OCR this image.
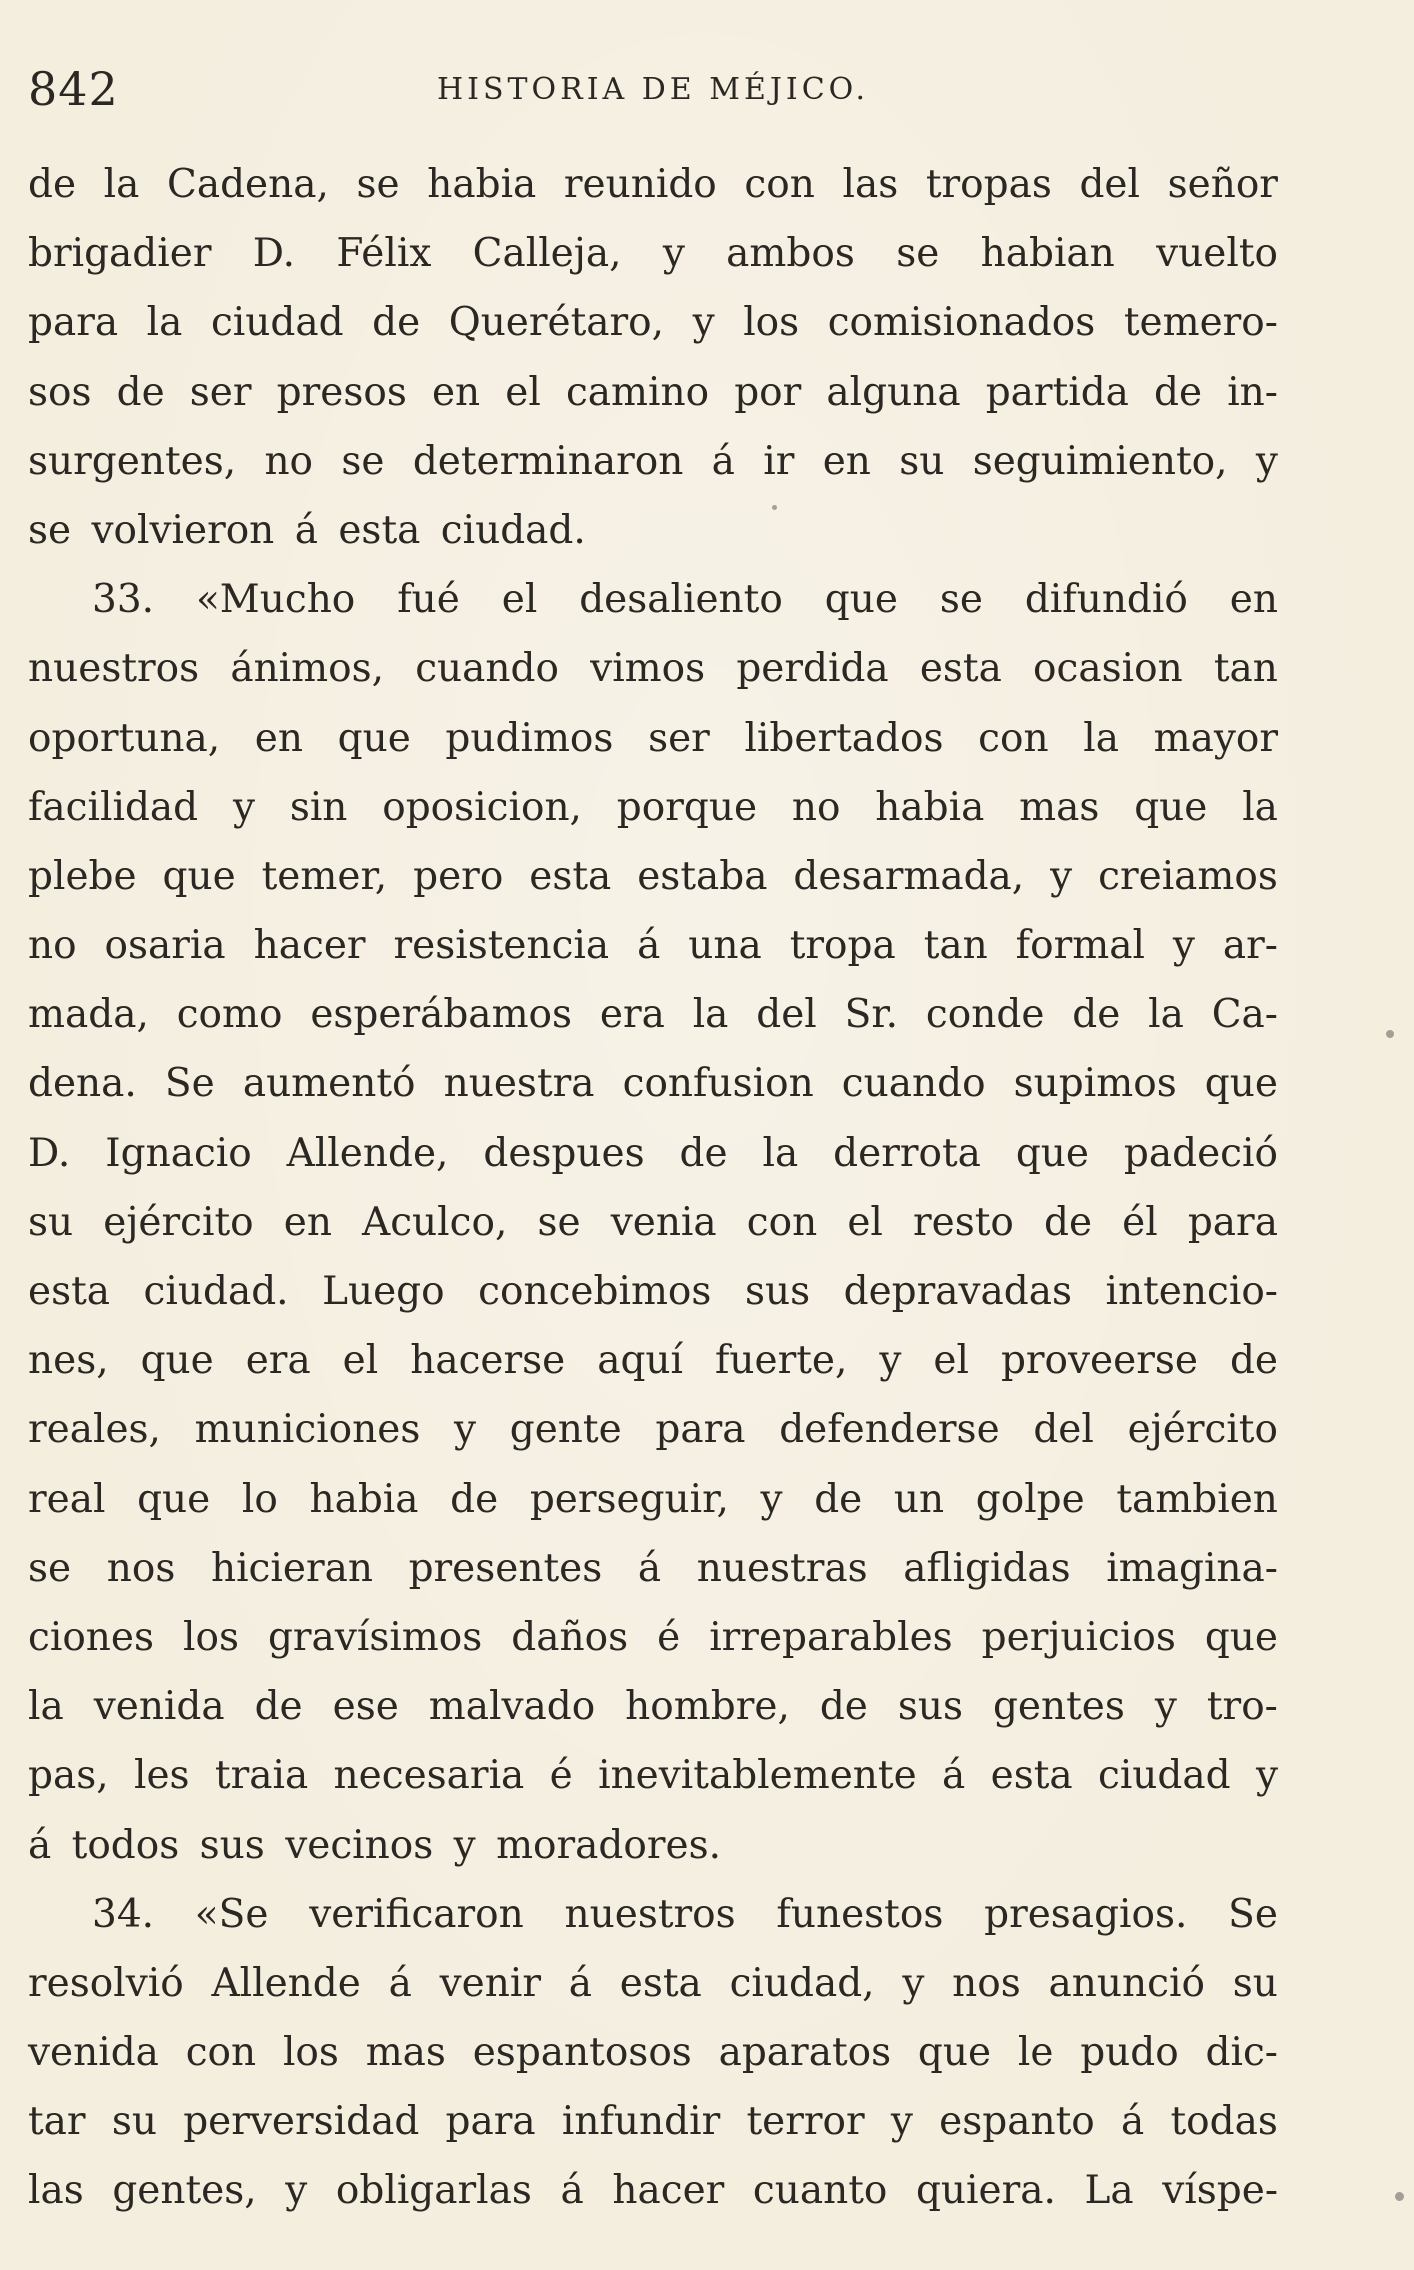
842	HISTORIA DE MÉJICO.
de la Cadena, se habia reunido con las tropas del señor
brigadier D. Félix Calleja, y ambos se habian vuelto
para la ciudad de Querétaro, y los comisionados temero-
sos de ser presos en el camino por alguna partida de in-
surgentes, no se determinaron á ir en su seguimiento, y
se volvieron á esta ciudad.
33. «Mucho fué el desaliento que se difundió en
nuestros ánimos, cuando vimos perdida esta ocasion tan
oportuna, en que pudimos ser libertados con la mayor
facilidad y sin oposicion, porque no habia mas que la
plebe que temer, pero esta estaba desarmada, y creiamos
no osaria hacer resistencia á una tropa tan formal y ar-
mada, como esperábamos era la del Sr. conde de la Ca-
dena. Se aumentó nuestra confusion cuando supimos que
D. Ignacio Allende, despues de la derrota que padeció
su ejército en Aculco, se venia con el resto de él para
esta ciudad. Luego concebimos sus depravadas intencio-
nes, que era el hacerse aquí fuerte, y el proveerse de
reales, municiones y gente para defenderse del ejército
real que lo habia de perseguir, y de un golpe tambien
se nos hicieran presentes á nuestras afligidas imagina-
ciones los gravísimos daños é irreparables perjuicios que
la venida de ese malvado hombre, de sus gentes y tro-
pas, les traia necesaria é inevitablemente á esta ciudad y
á todos sus vecinos y moradores.
34. «Se verificaron nuestros funestos presagios. Se
resolvió Allende á venir á esta ciudad, y nos anunció su
venida con los mas espantosos aparatos que le pudo dic-
tar su perversidad para infundir terror y espanto á todas
las gentes, y obligarlas á hacer cuanto quiera. La víspe-
